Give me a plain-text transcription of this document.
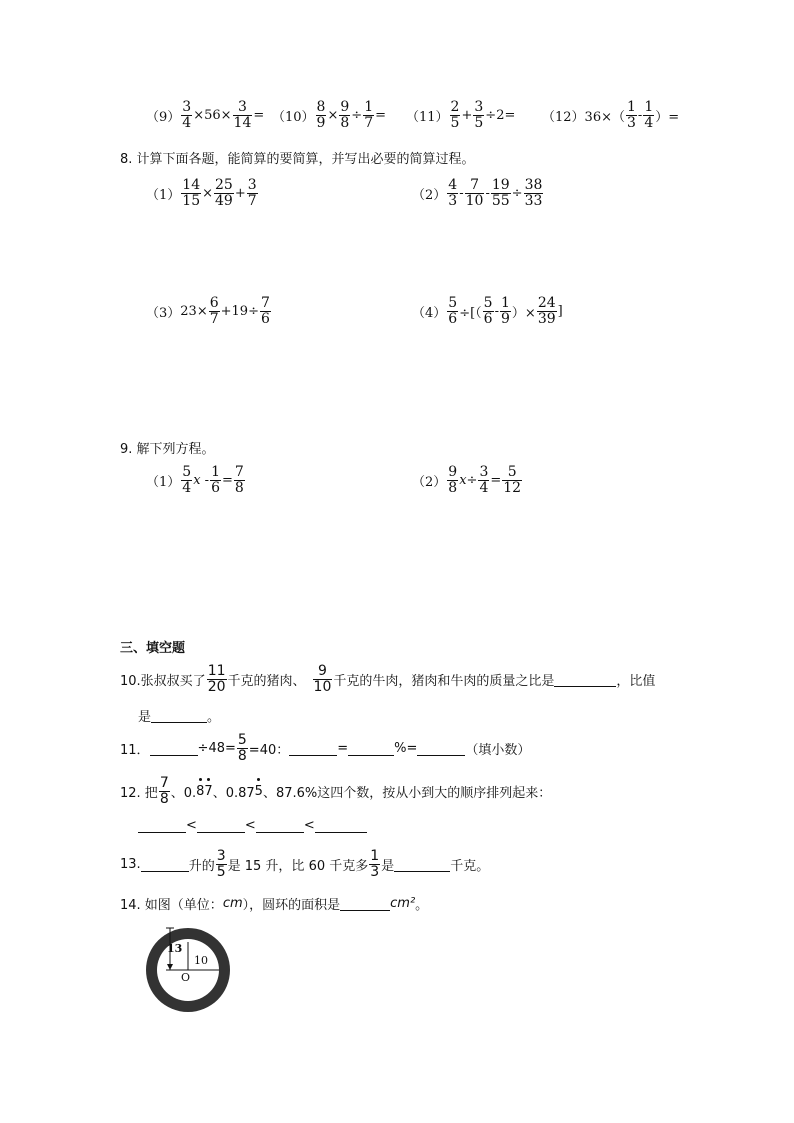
$(9) \frac{3}{4} \times 56\times \frac{3}{14} = (10) \frac{8}{9} \times \frac{9}{8} \div \frac{1}{7} = (11) \frac{2}{5} + \frac{3}{5} \div 2= (12)$ $36\times( \frac{1}{3} - \frac{1}{4}$ ）=
8. 计算下面各题，能简算的要简算，并写出必要的简算过程。
$(1) \frac{14}{15} \times \frac{25}{49} + \frac{3}{7}$	$(2) \frac{4}{3} - \frac{7}{10} - \frac{19}{55} \div \frac{38}{33}$
（3） $23\times \frac{6}{7} +19\div \frac{7}{6}$	$(4) \frac{5}{6}$ ÷[（ $\frac{5}{6} - \frac{1}{9}$ ）× $\frac{24}{39}$ ]
9. 解下列方程。
$(1) \frac{5}{4}$ $x - \frac{1}{6} = \frac{7}{8}$	$(2) \frac{9}{8} x\div \frac{3}{4} = \frac{5}{12}$
三、填空题
10.张叔叔买了 $\frac{11}{20}$ 千克的猪肉、 $\frac{9}{10}$ 千克的牛肉，猪肉和牛肉的质量之比是	，比值
是	。
11．	$\div 48= \frac{5}{8} =40$：	=	%=	（填小数）
12. 把 $\frac{7}{8}$ 、0. 8 7 、0.87 5 、87.6%这四个数，按从小到大的顺序排列起来：
<	<	<
13.	升的 $\frac{3}{5}$ 是 15 升，比 60 千克多 $\frac{1}{3}$ 是	千克。
14. 如图（单位： cm ），圆环的面积是	cm² 。
13
10
O
